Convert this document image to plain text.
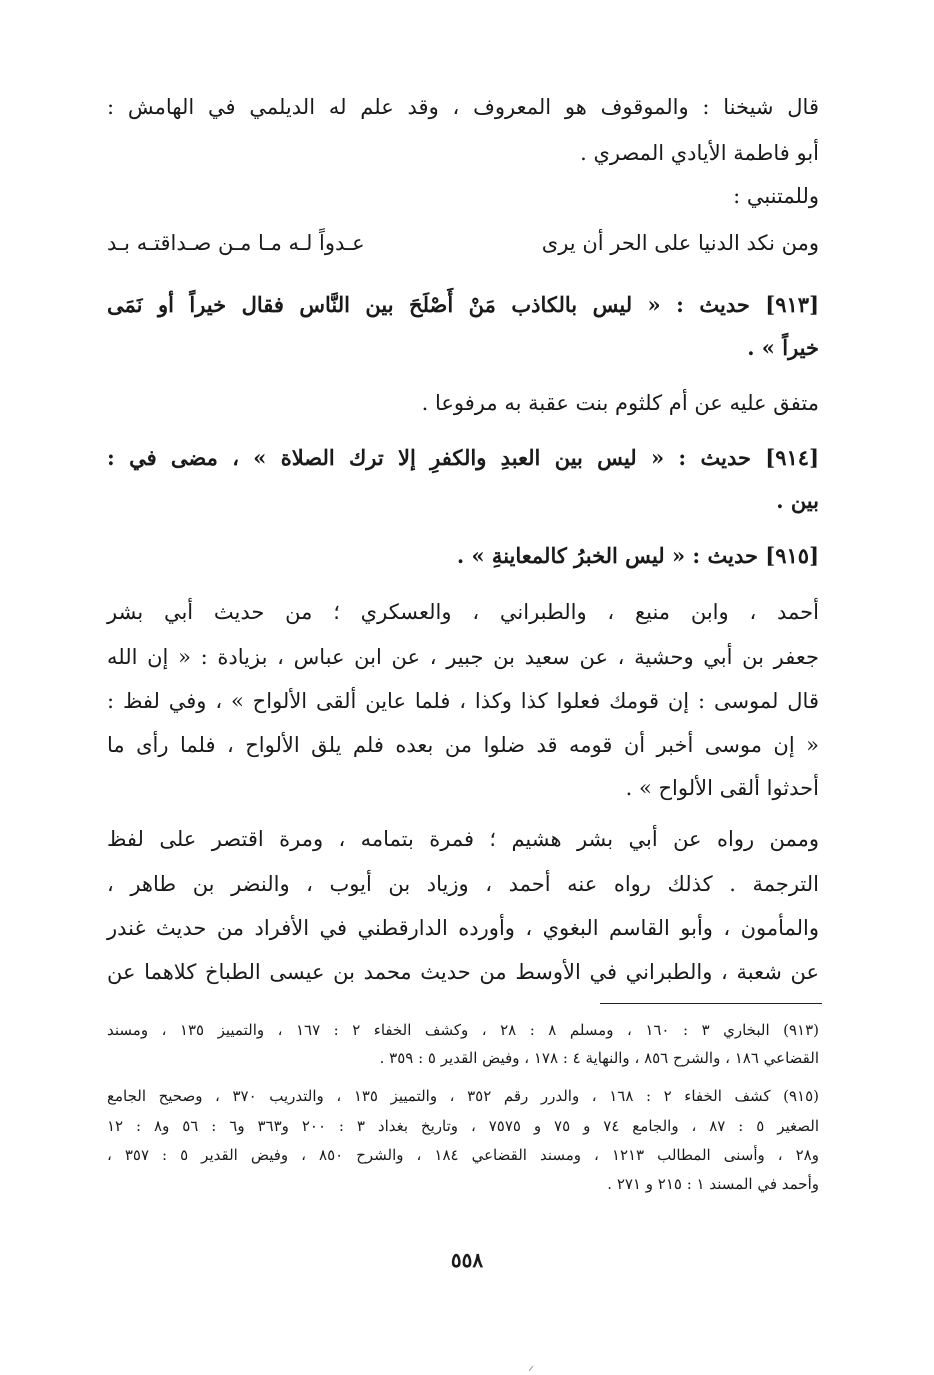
قال شيخنا : والموقوف هو المعروف ، وقد علم له الديلمي في الهامش :
أبو فاطمة الأيادي المصري .
وللمتنبي :
ومن نكد الدنيا على الحر أن يرى
عـدواً لـه مـا مـن صـداقتـه بـد
[٩١٣] حديث : « ليس بالكاذب مَنْ أَصْلَحَ بين النَّاس فقال خيراً أو نَمَى
خيراً » .
متفق عليه عن أم كلثوم بنت عقبة به مرفوعا .
[٩١٤] حديث : « ليس بين العبدِ والكفرِ إلا ترك الصلاة » ، مضى في :
بين .
[٩١٥] حديث : « ليس الخبرُ كالمعاينةِ » .
أحمد ، وابن منيع ، والطبراني ، والعسكري ؛ من حديث أبي بشر
جعفر بن أبي وحشية ، عن سعيد بن جبير ، عن ابن عباس ، بزيادة : « إن الله
قال لموسى : إن قومك فعلوا كذا وكذا ، فلما عاين ألقى الألواح » ، وفي لفظ :
« إن موسى أخبر أن قومه قد ضلوا من بعده فلم يلق الألواح ، فلما رأى ما
أحدثوا ألقى الألواح » .
وممن رواه عن أبي بشر هشيم ؛ فمرة بتمامه ، ومرة اقتصر على لفظ
الترجمة . كذلك رواه عنه أحمد ، وزياد بن أيوب ، والنضر بن طاهر ،
والمأمون ، وأبو القاسم البغوي ، وأورده الدارقطني في الأفراد من حديث غندر
عن شعبة ، والطبراني في الأوسط من حديث محمد بن عيسى الطباخ كلاهما عن
(٩١٣) البخاري ٣ : ١٦٠ ، ومسلم ٨ : ٢٨ ، وكشف الخفاء ٢ : ١٦٧ ، والتمييز ١٣٥ ، ومسند
القضاعي ١٨٦ ، والشرح ٨٥٦ ، والنهاية ٤ : ١٧٨ ، وفيض القدير ٥ : ٣٥٩ .
(٩١٥) كشف الخفاء ٢ : ١٦٨ ، والدرر رقم ٣٥٢ ، والتمييز ١٣٥ ، والتدريب ٣٧٠ ، وصحيح الجامع
الصغير ٥ : ٨٧ ، والجامع ٧٤ و ٧٥ و ٧٥٧٥ ، وتاريخ بغداد ٣ : ٢٠٠ و٣٦٣ و٦ : ٥٦ و٨ : ١٢
و٢٨ ، وأسنى المطالب ١٢١٣ ، ومسند القضاعي ١٨٤ ، والشرح ٨٥٠ ، وفيض القدير ٥ : ٣٥٧ ،
وأحمد في المسند ١ : ٢١٥ و ٢٧١ .
٥٥٨
